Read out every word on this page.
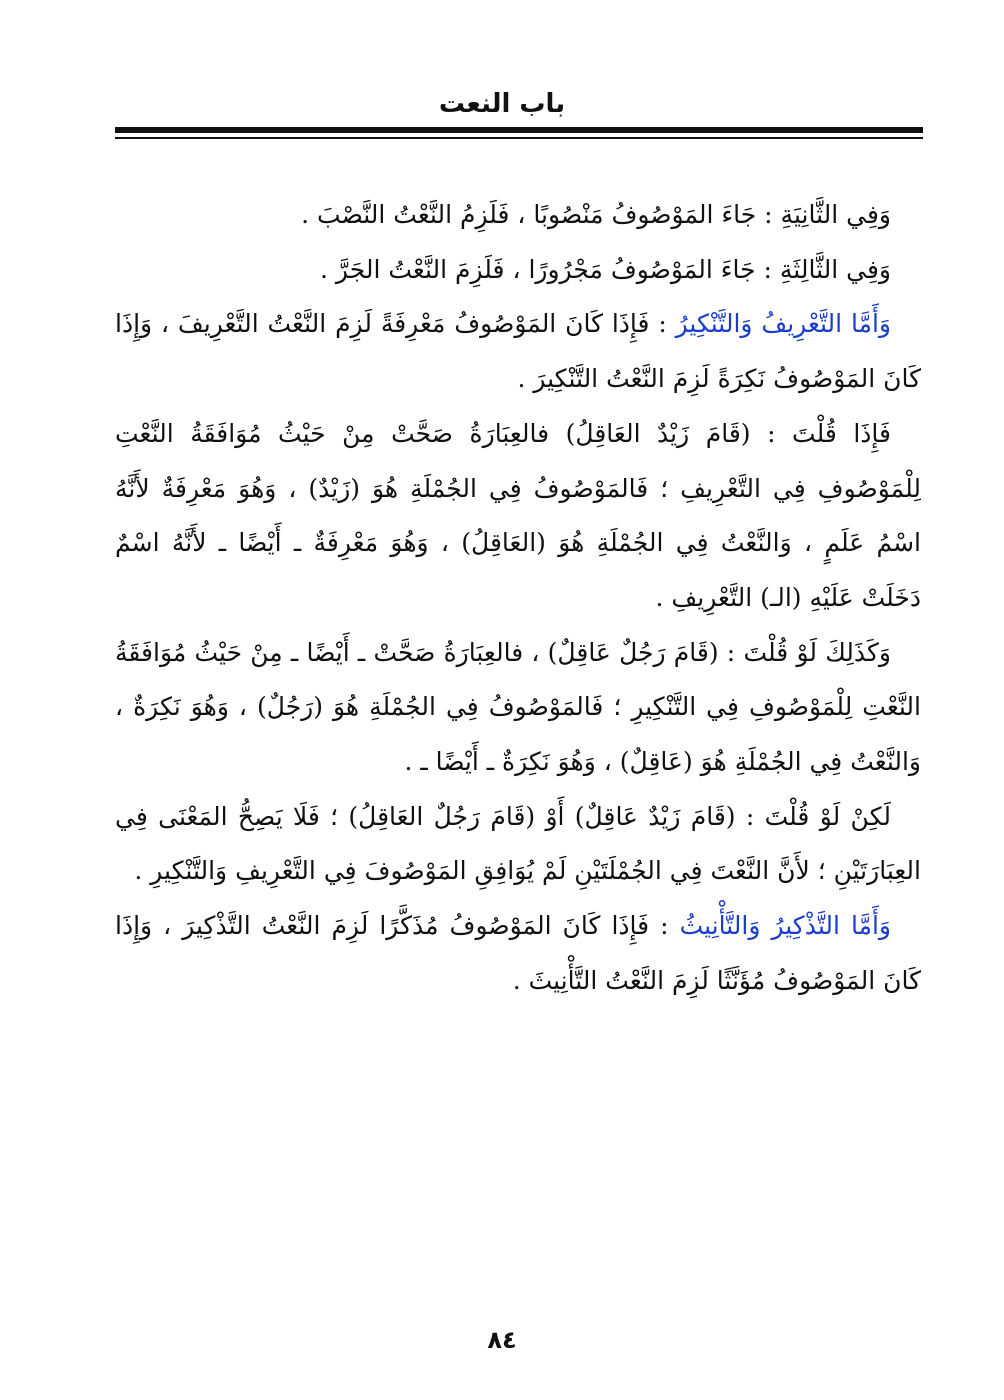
باب النعت

وَفِي الثَّانِيَةِ : جَاءَ المَوْصُوفُ مَنْصُوبًا ، فَلَزِمُ النَّعْتُ النَّصْبَ .

وَفِي الثَّالِثَةِ : جَاءَ المَوْصُوفُ مَجْرُورًا ، فَلَزِمَ النَّعْتُ الجَرَّ .

وَأَمَّا التَّعْرِيفُ وَالتَّنْكِيرُ : فَإِذَا كَانَ المَوْصُوفُ مَعْرِفَةً لَزِمَ النَّعْتُ التَّعْرِيفَ ، وَإِذَا كَانَ المَوْصُوفُ نَكِرَةً لَزِمَ النَّعْتُ التَّنْكِيرَ .

فَإِذَا قُلْتَ : (قَامَ زَيْدٌ العَاقِلُ) فالعِبَارَةُ صَحَّتْ مِنْ حَيْثُ مُوَافَقَةُ النَّعْتِ لِلْمَوْصُوفِ فِي التَّعْرِيفِ ؛ فَالمَوْصُوفُ فِي الجُمْلَةِ هُوَ (زَيْدٌ) ، وَهُوَ مَعْرِفَةٌ لأَنَّهُ اسْمُ عَلَمٍ ، وَالنَّعْتُ فِي الجُمْلَةِ هُوَ (العَاقِلُ) ، وَهُوَ مَعْرِفَةٌ ـ أَيْضًا ـ لأَنَّهُ اسْمٌ دَخَلَتْ عَلَيْهِ (الـ) التَّعْرِيفِ .

وَكَذَلِكَ لَوْ قُلْتَ : (قَامَ رَجُلٌ عَاقِلٌ) ، فالعِبَارَةُ صَحَّتْ ـ أَيْضًا ـ مِنْ حَيْثُ مُوَافَقَةُ النَّعْتِ لِلْمَوْصُوفِ فِي التَّنْكِيرِ ؛ فَالمَوْصُوفُ فِي الجُمْلَةِ هُوَ (رَجُلٌ) ، وَهُوَ نَكِرَةٌ ، وَالنَّعْتُ فِي الجُمْلَةِ هُوَ (عَاقِلٌ) ، وَهُوَ نَكِرَةٌ ـ أَيْضًا ـ .

لَكِنْ لَوْ قُلْتَ : (قَامَ زَيْدٌ عَاقِلٌ) أَوْ (قَامَ رَجُلٌ العَاقِلُ) ؛ فَلَا يَصِحُّ المَعْنَى فِي العِبَارَتَيْنِ ؛ لأَنَّ النَّعْتَ فِي الجُمْلَتَيْنِ لَمْ يُوَافِقِ المَوْصُوفَ فِي التَّعْرِيفِ وَالتَّنْكِيرِ .

وَأَمَّا التَّذْكِيرُ وَالتَّأْنِيثُ : فَإِذَا كَانَ المَوْصُوفُ مُذَكَّرًا لَزِمَ النَّعْتُ التَّذْكِيرَ ، وَإِذَا كَانَ المَوْصُوفُ مُؤَنَّثًا لَزِمَ النَّعْتُ التَّأْنِيثَ .

٨٤
